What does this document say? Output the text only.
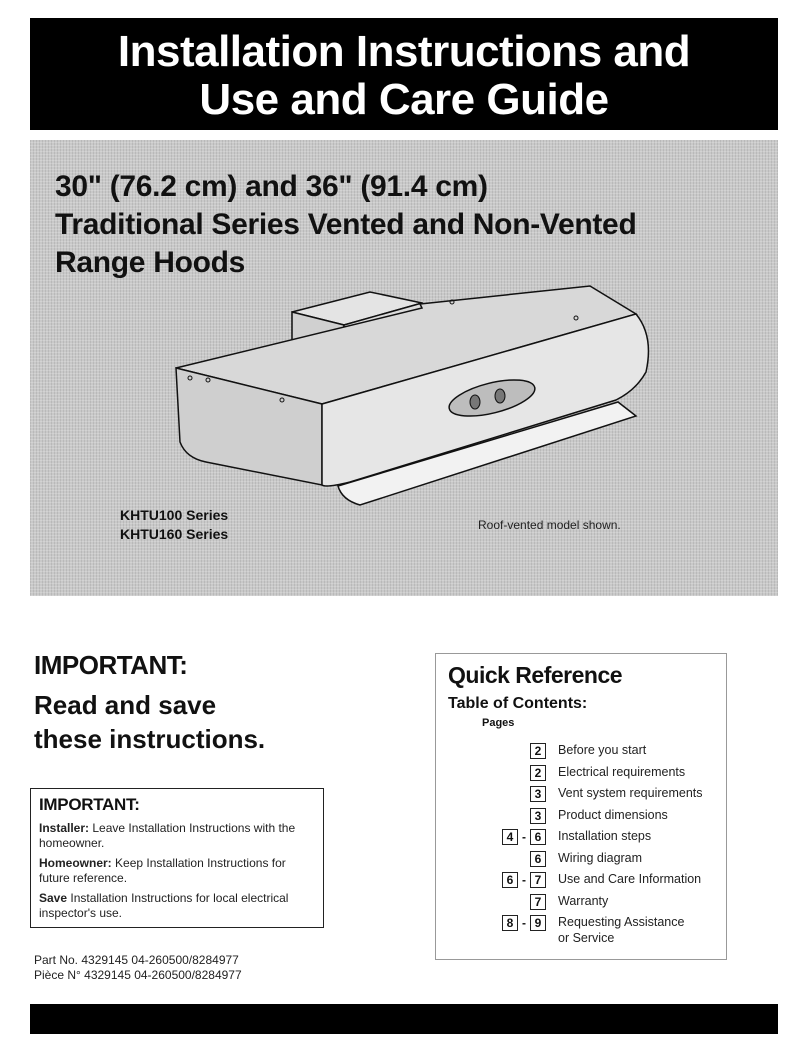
Installation Instructions and
Use and Care Guide
30" (76.2 cm) and 36" (91.4 cm)
Traditional Series Vented and Non-Vented
Range Hoods
KHTU100 Series
KHTU160 Series
Roof-vented model shown.
IMPORTANT:
Read and save
these instructions.
IMPORTANT:
Installer: Leave Installation Instructions with the homeowner.
Homeowner: Keep Installation Instructions for future reference.
Save Installation Instructions for local electrical inspector's use.
Part No. 4329145 04-260500/8284977
Pièce N° 4329145 04-260500/8284977
Quick Reference
Table of Contents:
Pages
2	Before you start
2	Electrical requirements
3	Vent system requirements
3	Product dimensions
4 - 6	Installation steps
6	Wiring diagram
6 - 7	Use and Care Information
7	Warranty
8 - 9	Requesting Assistance
or Service
